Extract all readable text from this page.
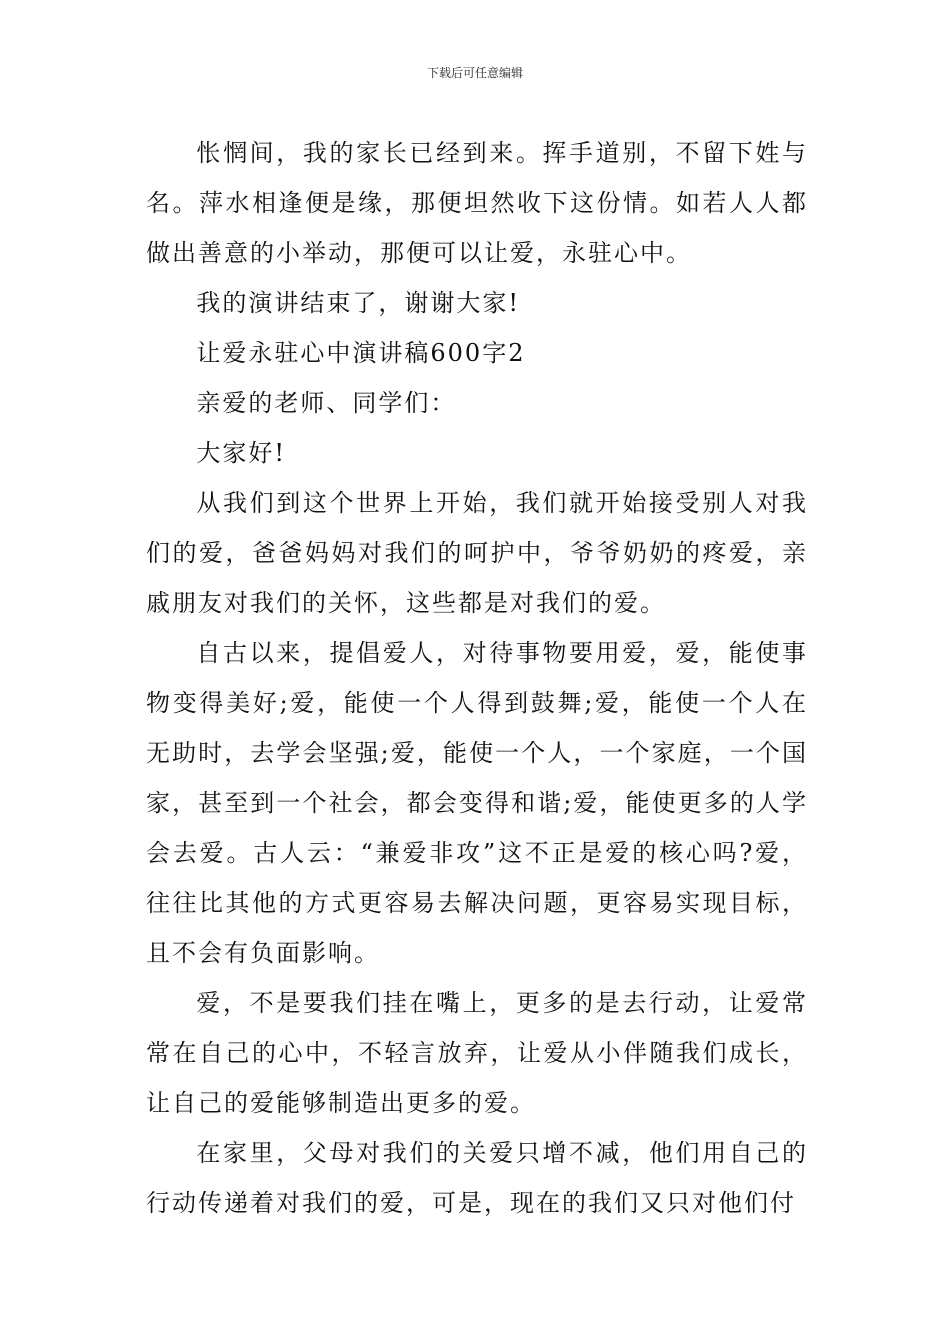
下载后可任意编辑

怅惘间，我的家长已经到来。挥手道别，不留下姓与名。萍水相逢便是缘，那便坦然收下这份情。如若人人都做出善意的小举动，那便可以让爱，永驻心中。

我的演讲结束了，谢谢大家!

让爱永驻心中演讲稿600字2

亲爱的老师、同学们：

大家好!

从我们到这个世界上开始，我们就开始接受别人对我们的爱，爸爸妈妈对我们的呵护中，爷爷奶奶的疼爱，亲戚朋友对我们的关怀，这些都是对我们的爱。

自古以来，提倡爱人，对待事物要用爱，爱，能使事物变得美好;爱，能使一个人得到鼓舞;爱，能使一个人在无助时，去学会坚强;爱，能使一个人，一个家庭，一个国家，甚至到一个社会，都会变得和谐;爱，能使更多的人学会去爱。古人云：“兼爱非攻”这不正是爱的核心吗?爱，往往比其他的方式更容易去解决问题，更容易实现目标，且不会有负面影响。

爱，不是要我们挂在嘴上，更多的是去行动，让爱常常在自己的心中，不轻言放弃，让爱从小伴随我们成长，让自己的爱能够制造出更多的爱。

在家里，父母对我们的关爱只增不减，他们用自己的行动传递着对我们的爱，可是，现在的我们又只对他们付
